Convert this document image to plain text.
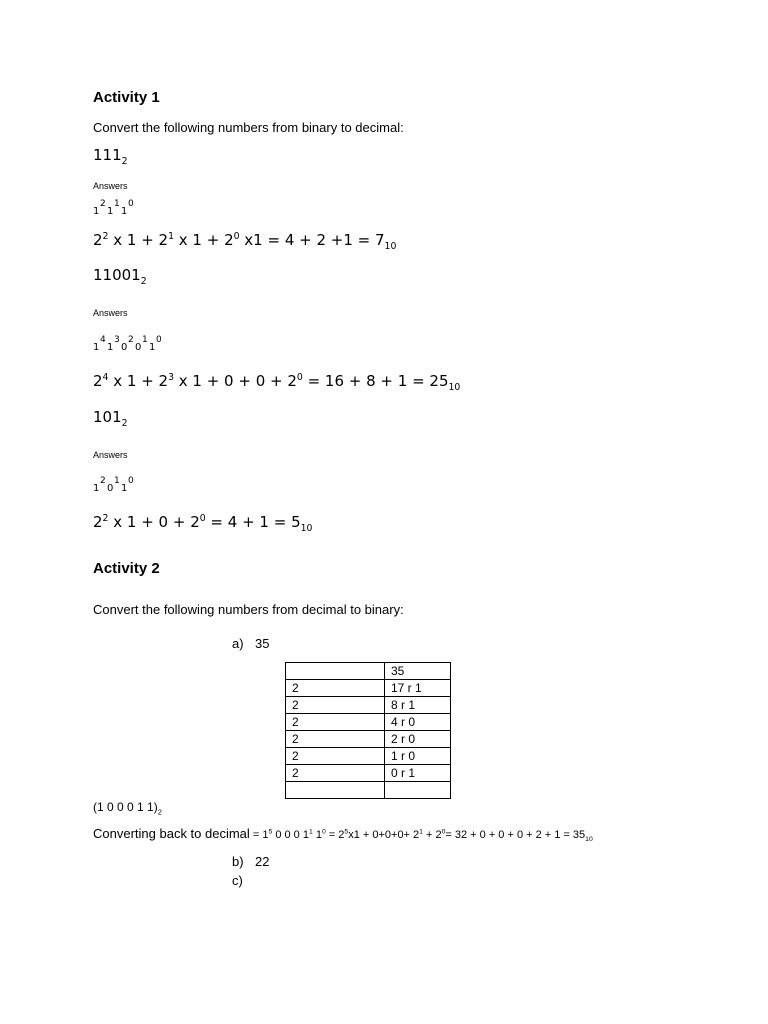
Activity 1
Convert the following numbers from binary to decimal:
$111_2$
Answers
1
2
1
1
1
0
$2^2$ x $1 + 2^1$ x $1 + 2^0$ $x1 = 4 + 2 +1 = 7_{10}$
$11001_2$
Answers
1
4
1
3
0
2
0
1
1
0
$2^4$ x $1 + 2^3$ x $1 + 0 + 0 + 2^0 = 16 + 8 + 1 = 25_{10}$
$101_2$
Answers
1
2
0
1
1
0
$2^2$ x $1 + 0 + 2^0 = 4 + 1 = 5_{10}$
Activity 2
Convert the following numbers from decimal to binary:
a) 35
	35
2	17 r 1
2	8 r 1
2	4 r 0
2	2 r 0
2	1 r 0
2	0 r 1

(1 0 0 0 1 $1)_2$
Converting back to decimal = $1^5$ 0 0 0 $1^1$ $1^0 = 2^5x1 + 0+0+0+ 2^1 + 2^0= 32 + 0 + 0 + 0 + 2 + 1 = 35_{10}$
b) 22
c)
